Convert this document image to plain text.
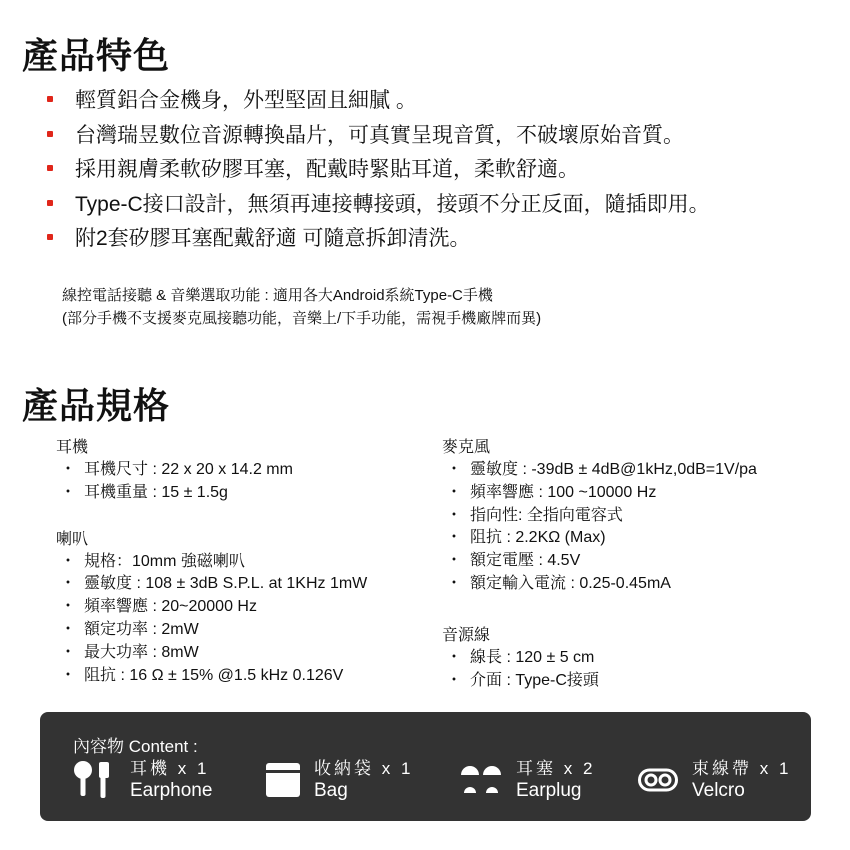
產品特色
輕質鋁合金機身，外型堅固且細膩 。
台灣瑞昱數位音源轉換晶片，可真實呈現音質，不破壞原始音質。
採用親膚柔軟矽膠耳塞，配戴時緊貼耳道，柔軟舒適。
Type-C接口設計，無須再連接轉接頭，接頭不分正反面，隨插即用。
附2套矽膠耳塞配戴舒適 可隨意拆卸清洗。
線控電話接聽 & 音樂選取功能 : 適用各大Android系統Type-C手機
(部分手機不支援麥克風接聽功能，音樂上/下手功能，需視手機廠牌而異)
產品規格
耳機
・ 耳機尺寸 : 22 x 20 x 14.2 mm
・ 耳機重量 : 15 ± 1.5g
喇叭
・ 規格：10mm 強磁喇叭
・ 靈敏度 : 108 ± 3dB S.P.L. at 1KHz 1mW
・ 頻率響應 : 20~20000 Hz
・ 額定功率 : 2mW
・ 最大功率 : 8mW
・ 阻抗 : 16 Ω ± 15% @1.5 kHz 0.126V
麥克風
・ 靈敏度 : -39dB ± 4dB@1kHz,0dB=1V/pa
・ 頻率響應 : 100 ~10000 Hz
・ 指向性: 全指向電容式
・ 阻抗 : 2.2KΩ (Max)
・ 額定電壓 : 4.5V
・ 額定輸入電流 : 0.25-0.45mA
音源線
・ 線長 : 120 ± 5 cm
・ 介面 : Type-C接頭
內容物 Content :
耳機 x 1
Earphone
收納袋 x 1
Bag
耳塞 x 2
Earplug
束線帶 x 1
Velcro
